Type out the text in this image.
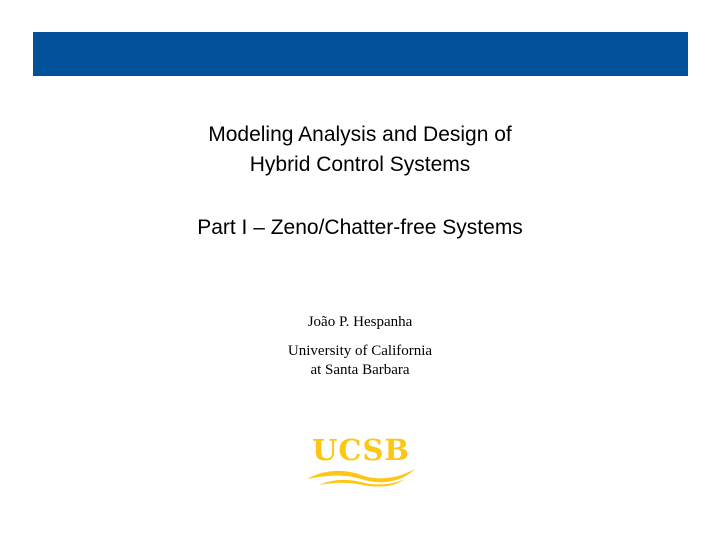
Modeling Analysis and Design of
Hybrid Control Systems
Part I – Zeno/Chatter-free Systems
João P. Hespanha
University of California
at Santa Barbara
UCSB
